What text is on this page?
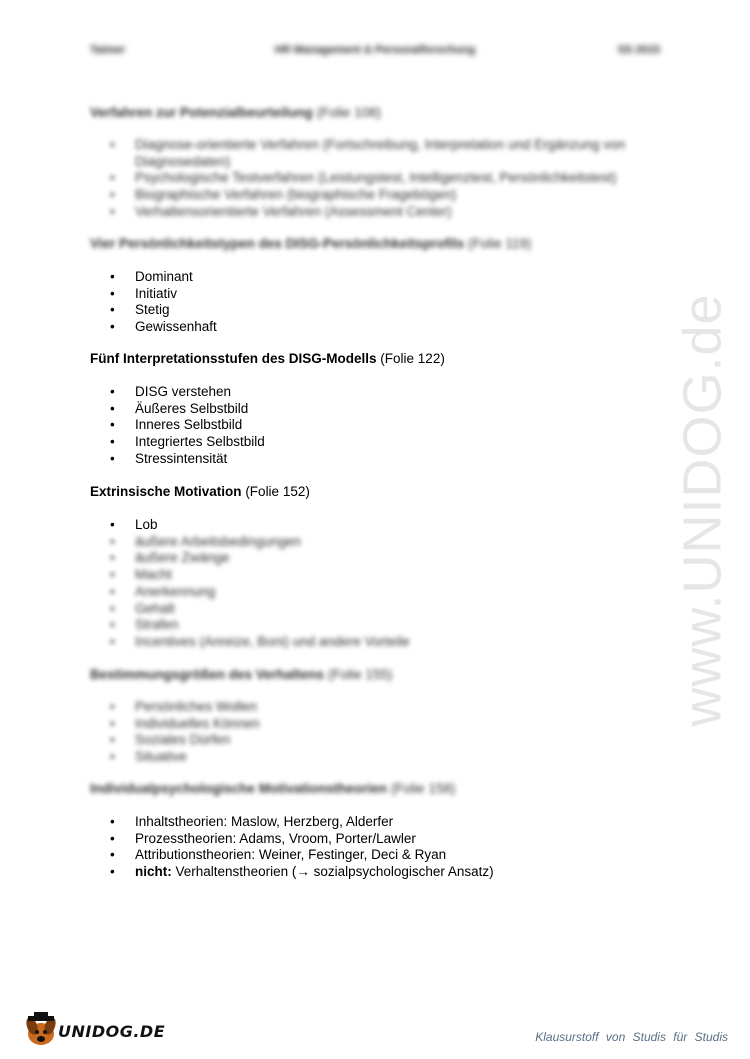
Taimer	HR Management & Personalforschung	SS 2015
www.UNIDOG.de
Verfahren zur Potenzialbeurteilung (Folie 108)
• Diagnose-orientierte Verfahren (Fortschreibung, Interpretation und Ergänzung von Diagnosedaten)
• Psychologische Testverfahren (Leistungstest, Intelligenztest, Persönlichkeitstest)
• Biographische Verfahren (biographische Fragebögen)
• Verhaltensorientierte Verfahren (Assessment Center)
Vier Persönlichkeitstypen des DISG-Persönlichkeitsprofils (Folie 119)
• Dominant
• Initiativ
• Stetig
• Gewissenhaft
Fünf Interpretationsstufen des DISG-Modells (Folie 122)
• DISG verstehen
• Äußeres Selbstbild
• Inneres Selbstbild
• Integriertes Selbstbild
• Stressintensität
Extrinsische Motivation (Folie 152)
• Lob
• äußere Arbeitsbedingungen
• äußere Zwänge
• Macht
• Anerkennung
• Gehalt
• Strafen
• Incentives (Anreize, Boni) und andere Vorteile
Bestimmungsgrößen des Verhaltens (Folie 155)
• Persönliches Wollen
• Individuelles Können
• Soziales Dürfen
• Situative
Individualpsychologische Motivationstheorien (Folie 158)
• Inhaltstheorien: Maslow, Herzberg, Alderfer
• Prozesstheorien: Adams, Vroom, Porter/Lawler
• Attributionstheorien: Weiner, Festinger, Deci & Ryan
• nicht: Verhaltenstheorien (→ sozialpsychologischer Ansatz)
UNIDOG.DE	Klausurstoff von Studis für Studis
